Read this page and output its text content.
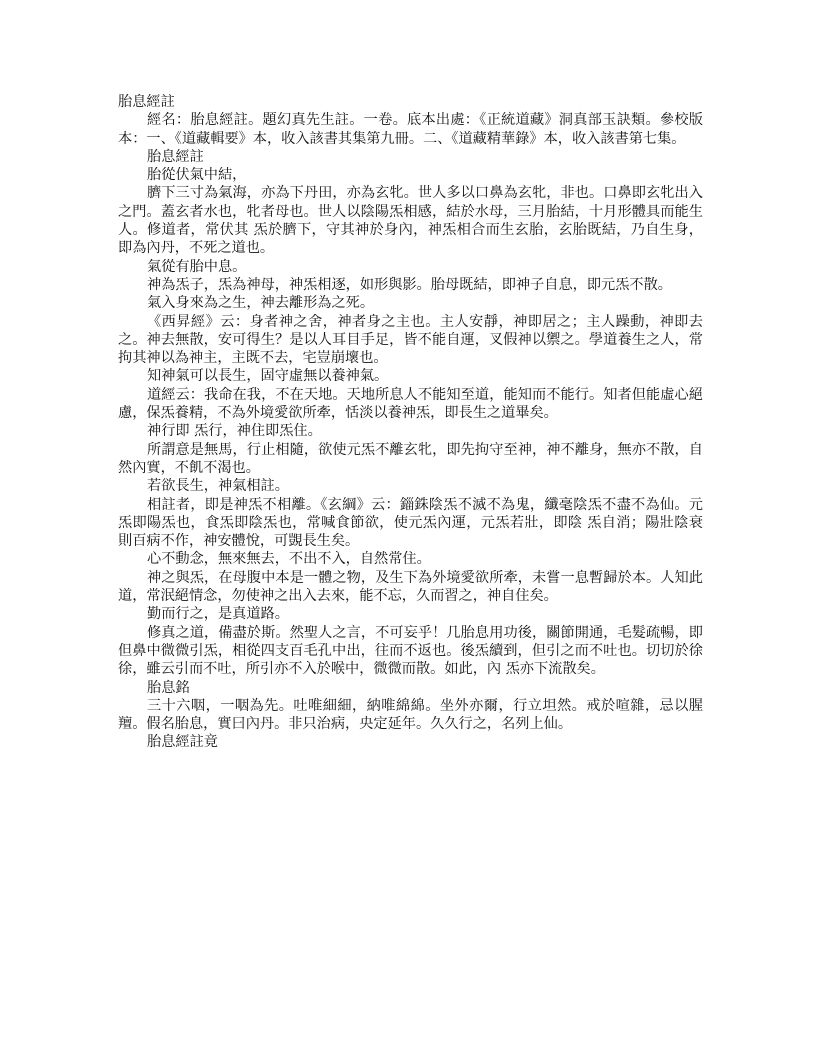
胎息經註

經名：胎息經註。題幻真先生註。一卷。底本出處：《正統道藏》洞真部玉訣類。參校版本：一、《道藏輯要》本，收入該書其集第九冊。二、《道藏精華錄》本，收入該書第七集。

胎息經註

胎從伏氣中結，

臍下三寸為氣海，亦為下丹田，亦為玄牝。世人多以口鼻為玄牝，非也。口鼻即玄牝出入之門。蓋玄者水也，牝者母也。世人以陰陽炁相感，結於水母，三月胎結，十月形體具而能生人。修道者，常伏其 炁於臍下，守其神於身內，神炁相合而生玄胎，玄胎既結，乃自生身，即為內丹，不死之道也。

氣從有胎中息。

神為炁子，炁為神母，神炁相逐，如形與影。胎母既結，即神子自息，即元炁不散。

氣入身來為之生，神去離形為之死。

《西昇經》云：身者神之舍，神者身之主也。主人安靜，神即居之；主人躁動，神即去之。神去無散，安可得生？是以人耳目手足，皆不能自運，叉假神以禦之。學道養生之人，常拘其神以為神主，主既不去，宅豈崩壞也。

知神氣可以長生，固守虛無以養神氣。

道經云：我命在我，不在天地。天地所息人不能知至道，能知而不能行。知者但能虛心絕慮，保炁養精，不為外境愛欲所牽，恬淡以養神炁，即長生之道畢矣。

神行即 炁行，神住即炁住。

所謂意是無馬，行止相隨，欲使元炁不離玄牝，即先拘守至神，神不離身，無亦不散，自然內實，不飢不渴也。

若欲長生，神氣相註。

相註者，即是神炁不相離。《玄綱》云：錙銖陰炁不滅不為鬼，纖毫陰炁不盡不為仙。元炁即陽炁也，食炁即陰炁也，常喊食節欲，使元炁內運，元炁若壯，即陰 炁自消；陽壯陰衰則百病不作，神安體悅，可覬長生矣。

心不動念，無來無去，不出不入，自然常住。

神之與炁，在母腹中本是一體之物，及生下為外境愛欲所牽，未嘗一息暫歸於本。人知此道，常泯絕情念，勿使神之出入去來，能不忘，久而習之，神自住矣。

勤而行之，是真道路。

修真之道，備盡於斯。然聖人之言，不可妄乎！几胎息用功後，關節開通，毛髮疏暢，即但鼻中微微引炁，相從四支百毛孔中出，往而不返也。後炁續到，但引之而不吐也。切切於徐徐，雖云引而不吐，所引亦不入於喉中，微微而散。如此，內 炁亦下流散矣。

胎息銘

三十六咽，一咽為先。吐唯細細，納唯綿綿。坐外亦爾，行立坦然。戒於喧雜，忌以腥羶。假名胎息，實曰內丹。非只治病，央定延年。久久行之，名列上仙。

胎息經註竟
